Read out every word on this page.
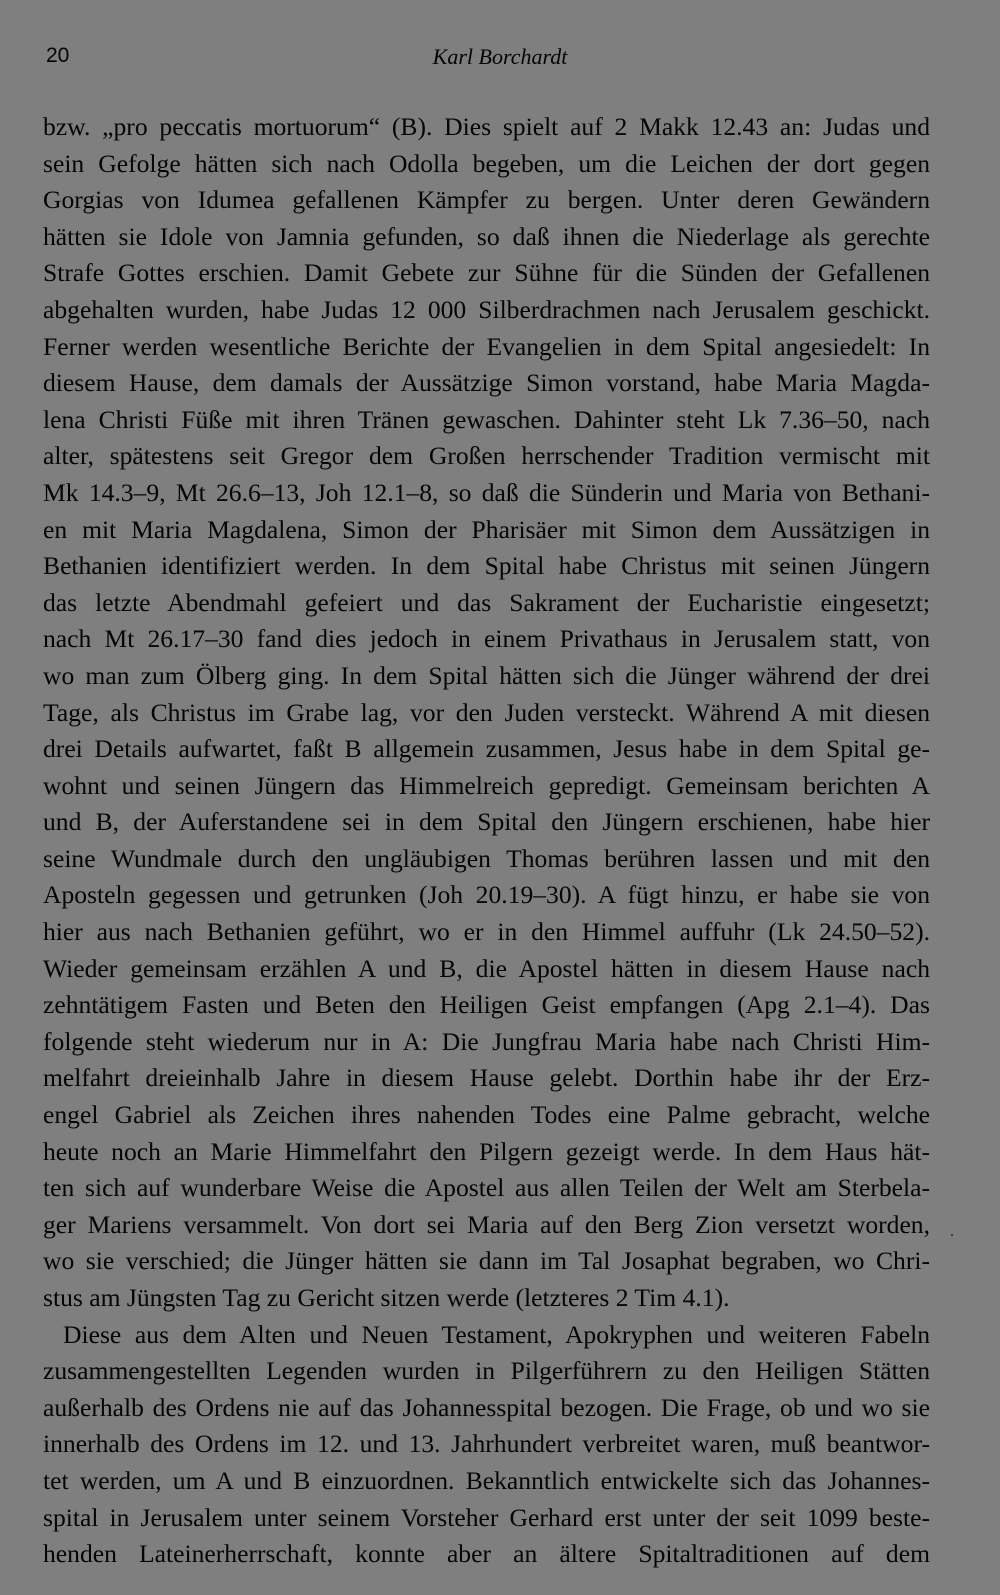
20	Karl Borchardt
bzw. „pro peccatis mortuorum“ (B). Dies spielt auf 2 Makk 12.43 an: Judas und
sein Gefolge hätten sich nach Odolla begeben, um die Leichen der dort gegen
Gorgias von Idumea gefallenen Kämpfer zu bergen. Unter deren Gewändern
hätten sie Idole von Jamnia gefunden, so daß ihnen die Niederlage als gerechte
Strafe Gottes erschien. Damit Gebete zur Sühne für die Sünden der Gefallenen
abgehalten wurden, habe Judas 12 000 Silberdrachmen nach Jerusalem geschickt.
Ferner werden wesentliche Berichte der Evangelien in dem Spital angesiedelt: In
diesem Hause, dem damals der Aussätzige Simon vorstand, habe Maria Magda-
lena Christi Füße mit ihren Tränen gewaschen. Dahinter steht Lk 7.36–50, nach
alter, spätestens seit Gregor dem Großen herrschender Tradition vermischt mit
Mk 14.3–9, Mt 26.6–13, Joh 12.1–8, so daß die Sünderin und Maria von Bethani-
en mit Maria Magdalena, Simon der Pharisäer mit Simon dem Aussätzigen in
Bethanien identifiziert werden. In dem Spital habe Christus mit seinen Jüngern
das letzte Abendmahl gefeiert und das Sakrament der Eucharistie eingesetzt;
nach Mt 26.17–30 fand dies jedoch in einem Privathaus in Jerusalem statt, von
wo man zum Ölberg ging. In dem Spital hätten sich die Jünger während der drei
Tage, als Christus im Grabe lag, vor den Juden versteckt. Während A mit diesen
drei Details aufwartet, faßt B allgemein zusammen, Jesus habe in dem Spital ge-
wohnt und seinen Jüngern das Himmelreich gepredigt. Gemeinsam berichten A
und B, der Auferstandene sei in dem Spital den Jüngern erschienen, habe hier
seine Wundmale durch den ungläubigen Thomas berühren lassen und mit den
Aposteln gegessen und getrunken (Joh 20.19–30). A fügt hinzu, er habe sie von
hier aus nach Bethanien geführt, wo er in den Himmel auffuhr (Lk 24.50–52).
Wieder gemeinsam erzählen A und B, die Apostel hätten in diesem Hause nach
zehntätigem Fasten und Beten den Heiligen Geist empfangen (Apg 2.1–4). Das
folgende steht wiederum nur in A: Die Jungfrau Maria habe nach Christi Him-
melfahrt dreieinhalb Jahre in diesem Hause gelebt. Dorthin habe ihr der Erz-
engel Gabriel als Zeichen ihres nahenden Todes eine Palme gebracht, welche
heute noch an Marie Himmelfahrt den Pilgern gezeigt werde. In dem Haus hät-
ten sich auf wunderbare Weise die Apostel aus allen Teilen der Welt am Sterbela-
ger Mariens versammelt. Von dort sei Maria auf den Berg Zion versetzt worden,
wo sie verschied; die Jünger hätten sie dann im Tal Josaphat begraben, wo Chri-
stus am Jüngsten Tag zu Gericht sitzen werde (letzteres 2 Tim 4.1).
Diese aus dem Alten und Neuen Testament, Apokryphen und weiteren Fabeln
zusammengestellten Legenden wurden in Pilgerführern zu den Heiligen Stätten
außerhalb des Ordens nie auf das Johannesspital bezogen. Die Frage, ob und wo sie
innerhalb des Ordens im 12. und 13. Jahrhundert verbreitet waren, muß beantwor-
tet werden, um A und B einzuordnen. Bekanntlich entwickelte sich das Johannes-
spital in Jerusalem unter seinem Vorsteher Gerhard erst unter der seit 1099 beste-
henden Lateinerherrschaft, konnte aber an ältere Spitaltraditionen auf dem
